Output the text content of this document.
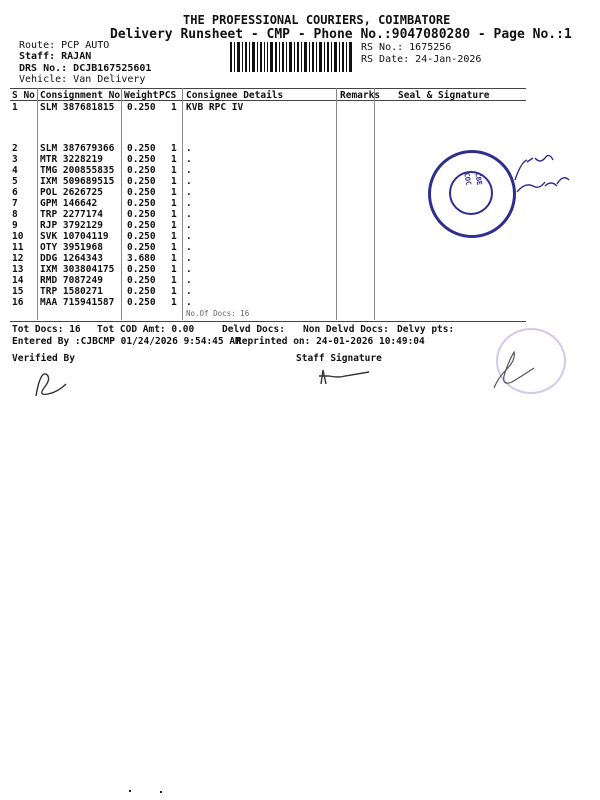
THE PROFESSIONAL COURIERS, COIMBATORE
Delivery Runsheet - CMP - Phone No.:9047080280 - Page No.:1
Route: PCP AUTO
Staff: RAJAN
DRS No.: DCJB167525601
Vehicle: Van Delivery
RS No.: 1675256
RS Date: 24-Jan-2026
S No Consignment No Weight PCS Consignee Details	Remarks Seal & Signature
1 SLM 387681815 0.250 1 KVB RPC IV
2 SLM 387679366 0.250 1 .
3 MTR 3228219	0.250 1 .
4 TMG 200855835 0.250 1 .
5 IXM 509689515 0.250 1 .
6 POL 2626725	0.250 1 .
7 GPM 146642	0.250 1 .
8 TRP 2277174	0.250 1 .
9 RJP 3792129	0.250 1 .
10 SVK 10704119 0.250 1 .
11 OTY 3951968	0.250 1 .
12 DDG 1264343	3.680 1 .
13 IXM 303804175 0.250 1 .
14 RMD 7087249	0.250 1 .
15 TRP 1580271	0.250 1 .
16 MAA 715941587 0.250 1 .
No.Of Docs: 16
COC CBE
Tot Docs: 16 Tot COD Amt: 0.00	Delvd Docs: Non Delvd Docs: Delvy pts:
Entered By :CJBCMP 01/24/2026 9:54:45 AM
Reprinted on: 24-01-2026 10:49:04
Verified By	Staff Signature
